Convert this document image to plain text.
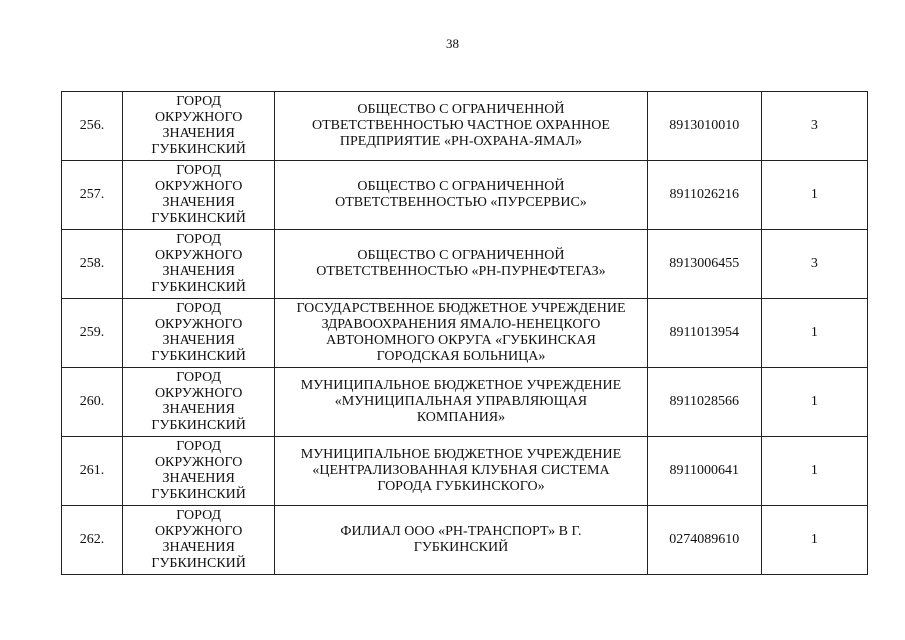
38
256.	ГОРОД
ОКРУЖНОГО
ЗНАЧЕНИЯ
ГУБКИНСКИЙ	ОБЩЕСТВО С ОГРАНИЧЕННОЙ
ОТВЕТСТВЕННОСТЬЮ ЧАСТНОЕ ОХРАННОЕ
ПРЕДПРИЯТИЕ «РН-ОХРАНА-ЯМАЛ»	8913010010	3
257.	ГОРОД
ОКРУЖНОГО
ЗНАЧЕНИЯ
ГУБКИНСКИЙ	ОБЩЕСТВО С ОГРАНИЧЕННОЙ
ОТВЕТСТВЕННОСТЬЮ «ПУРСЕРВИС»	8911026216	1
258.	ГОРОД
ОКРУЖНОГО
ЗНАЧЕНИЯ
ГУБКИНСКИЙ	ОБЩЕСТВО С ОГРАНИЧЕННОЙ
ОТВЕТСТВЕННОСТЬЮ «РН-ПУРНЕФТЕГАЗ»	8913006455	3
259.	ГОРОД
ОКРУЖНОГО
ЗНАЧЕНИЯ
ГУБКИНСКИЙ	ГОСУДАРСТВЕННОЕ БЮДЖЕТНОЕ УЧРЕЖДЕНИЕ
ЗДРАВООХРАНЕНИЯ ЯМАЛО-НЕНЕЦКОГО
АВТОНОМНОГО ОКРУГА «ГУБКИНСКАЯ
ГОРОДСКАЯ БОЛЬНИЦА»	8911013954	1
260.	ГОРОД
ОКРУЖНОГО
ЗНАЧЕНИЯ
ГУБКИНСКИЙ	МУНИЦИПАЛЬНОЕ БЮДЖЕТНОЕ УЧРЕЖДЕНИЕ
«МУНИЦИПАЛЬНАЯ УПРАВЛЯЮЩАЯ
КОМПАНИЯ»	8911028566	1
261.	ГОРОД
ОКРУЖНОГО
ЗНАЧЕНИЯ
ГУБКИНСКИЙ	МУНИЦИПАЛЬНОЕ БЮДЖЕТНОЕ УЧРЕЖДЕНИЕ
«ЦЕНТРАЛИЗОВАННАЯ КЛУБНАЯ СИСТЕМА
ГОРОДА ГУБКИНСКОГО»	8911000641	1
262.	ГОРОД
ОКРУЖНОГО
ЗНАЧЕНИЯ
ГУБКИНСКИЙ	ФИЛИАЛ ООО «РН-ТРАНСПОРТ» В Г.
ГУБКИНСКИЙ	0274089610	1
